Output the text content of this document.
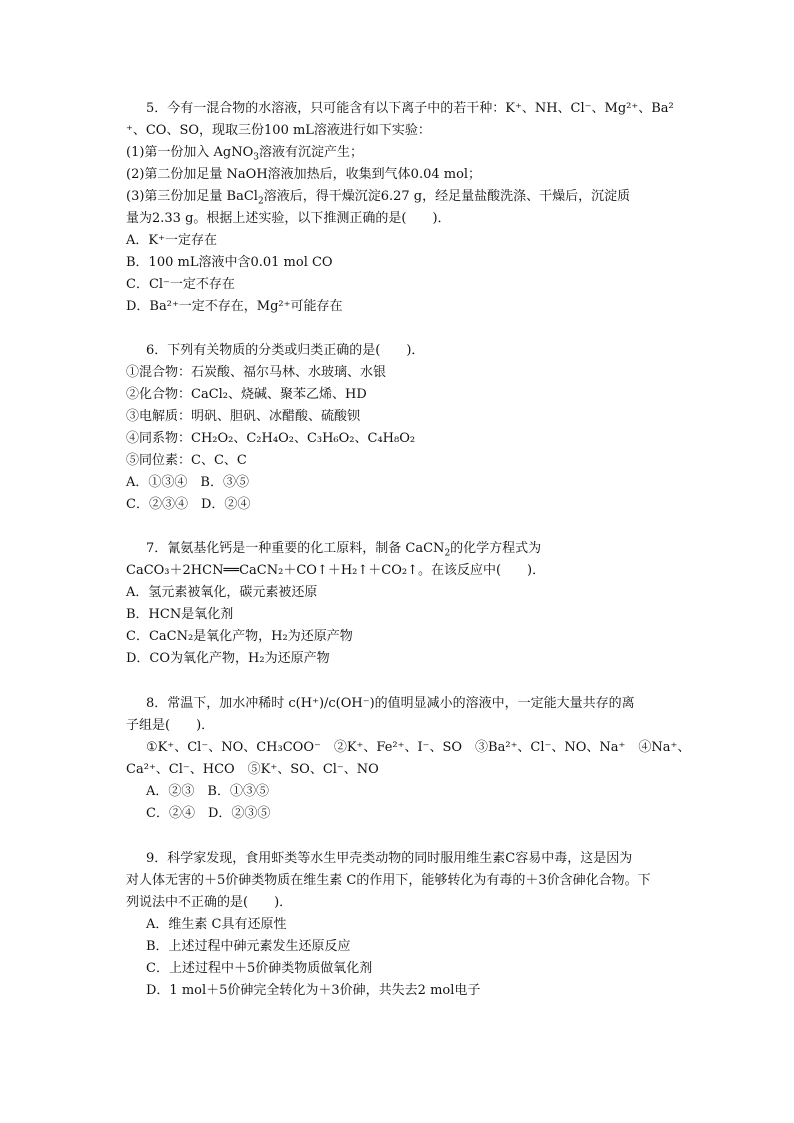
5．今有一混合物的水溶液，只可能含有以下离子中的若干种：K⁺、NH、Cl⁻、Mg²⁺、Ba²
⁺、CO、SO，现取三份100 mL溶液进行如下实验：
(1)第一份加入 AgNO$_3$溶液有沉淀产生；
(2)第二份加足量 NaOH溶液加热后，收集到气体0.04 mol；
(3)第三份加足量 BaCl$_2$溶液后，得干燥沉淀6.27 g，经足量盐酸洗涤、干燥后，沉淀质
量为2.33 g。根据上述实验，以下推测正确的是(　　)．
A．K⁺一定存在
B．100 mL溶液中含0.01 mol CO
C．Cl⁻一定不存在
D．Ba²⁺一定不存在，Mg²⁺可能存在
6．下列有关物质的分类或归类正确的是(　　)．
①混合物：石炭酸、福尔马林、水玻璃、水银
②化合物：CaCl₂、烧碱、聚苯乙烯、HD
③电解质：明矾、胆矾、冰醋酸、硫酸钡
④同系物：CH₂O₂、C₂H₄O₂、C₃H₆O₂、C₄H₈O₂
⑤同位素：C、C、C
A．①③④　B．③⑤
C．②③④　D．②④
7．氰氨基化钙是一种重要的化工原料，制备 CaCN$_2$的化学方程式为
CaCO₃＋2HCN══CaCN₂＋CO↑＋H₂↑＋CO₂↑。在该反应中(　　)．
A．氢元素被氧化，碳元素被还原
B．HCN是氧化剂
C．CaCN₂是氧化产物，H₂为还原产物
D．CO为氧化产物，H₂为还原产物
8．常温下，加水冲稀时 c(H⁺)/c(OH⁻)的值明显减小的溶液中，一定能大量共存的离
子组是(　　)．
①K⁺、Cl⁻、NO、CH₃COO⁻　②K⁺、Fe²⁺、I⁻、SO　③Ba²⁺、Cl⁻、NO、Na⁺　④Na⁺、
Ca²⁺、Cl⁻、HCO　⑤K⁺、SO、Cl⁻、NO
A．②③　B．①③⑤
C．②④　D．②③⑤
9．科学家发现，食用虾类等水生甲壳类动物的同时服用维生素C容易中毒，这是因为
对人体无害的＋5价砷类物质在维生素 C的作用下，能够转化为有毒的＋3价含砷化合物。下
列说法中不正确的是(　　)．
A．维生素 C具有还原性
B．上述过程中砷元素发生还原反应
C．上述过程中＋5价砷类物质做氧化剂
D．1 mol＋5价砷完全转化为＋3价砷，共失去2 mol电子
